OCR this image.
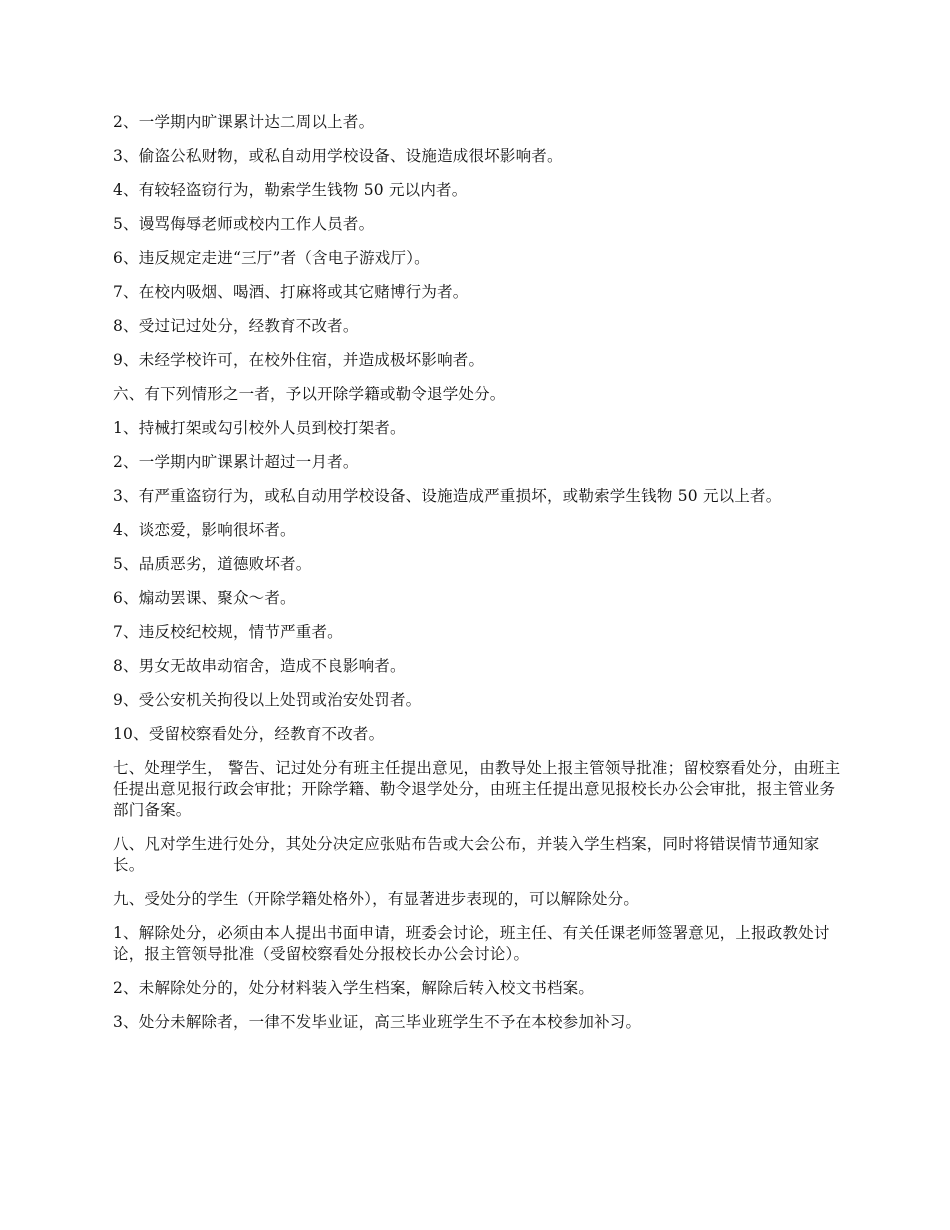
2、一学期内旷课累计达二周以上者。

3、偷盗公私财物，或私自动用学校设备、设施造成很坏影响者。

4、有较轻盗窃行为，勒索学生钱物 50 元以内者。

5、谩骂侮辱老师或校内工作人员者。

6、违反规定走进“三厅”者（含电子游戏厅）。

7、在校内吸烟、喝酒、打麻将或其它赌博行为者。

8、受过记过处分，经教育不改者。

9、未经学校许可，在校外住宿，并造成极坏影响者。

六、有下列情形之一者，予以开除学籍或勒令退学处分。

1、持械打架或勾引校外人员到校打架者。

2、一学期内旷课累计超过一月者。

3、有严重盗窃行为，或私自动用学校设备、设施造成严重损坏，或勒索学生钱物 50 元以上者。

4、谈恋爱，影响很坏者。

5、品质恶劣，道德败坏者。

6、煽动罢课、聚众～者。

7、违反校纪校规，情节严重者。

8、男女无故串动宿舍，造成不良影响者。

9、受公安机关拘役以上处罚或治安处罚者。

10、受留校察看处分，经教育不改者。

七、处理学生， 警告、记过处分有班主任提出意见，由教导处上报主管领导批准；留校察看处分，由班主任提出意见报行政会审批；开除学籍、勒令退学处分，由班主任提出意见报校长办公会审批，报主管业务部门备案。

八、凡对学生进行处分，其处分决定应张贴布告或大会公布，并装入学生档案，同时将错误情节通知家长。

九、受处分的学生（开除学籍处格外），有显著进步表现的，可以解除处分。

1、解除处分，必须由本人提出书面申请，班委会讨论，班主任、有关任课老师签署意见，上报政教处讨论，报主管领导批准（受留校察看处分报校长办公会讨论）。

2、未解除处分的，处分材料装入学生档案，解除后转入校文书档案。

3、处分未解除者，一律不发毕业证，高三毕业班学生不予在本校参加补习。
